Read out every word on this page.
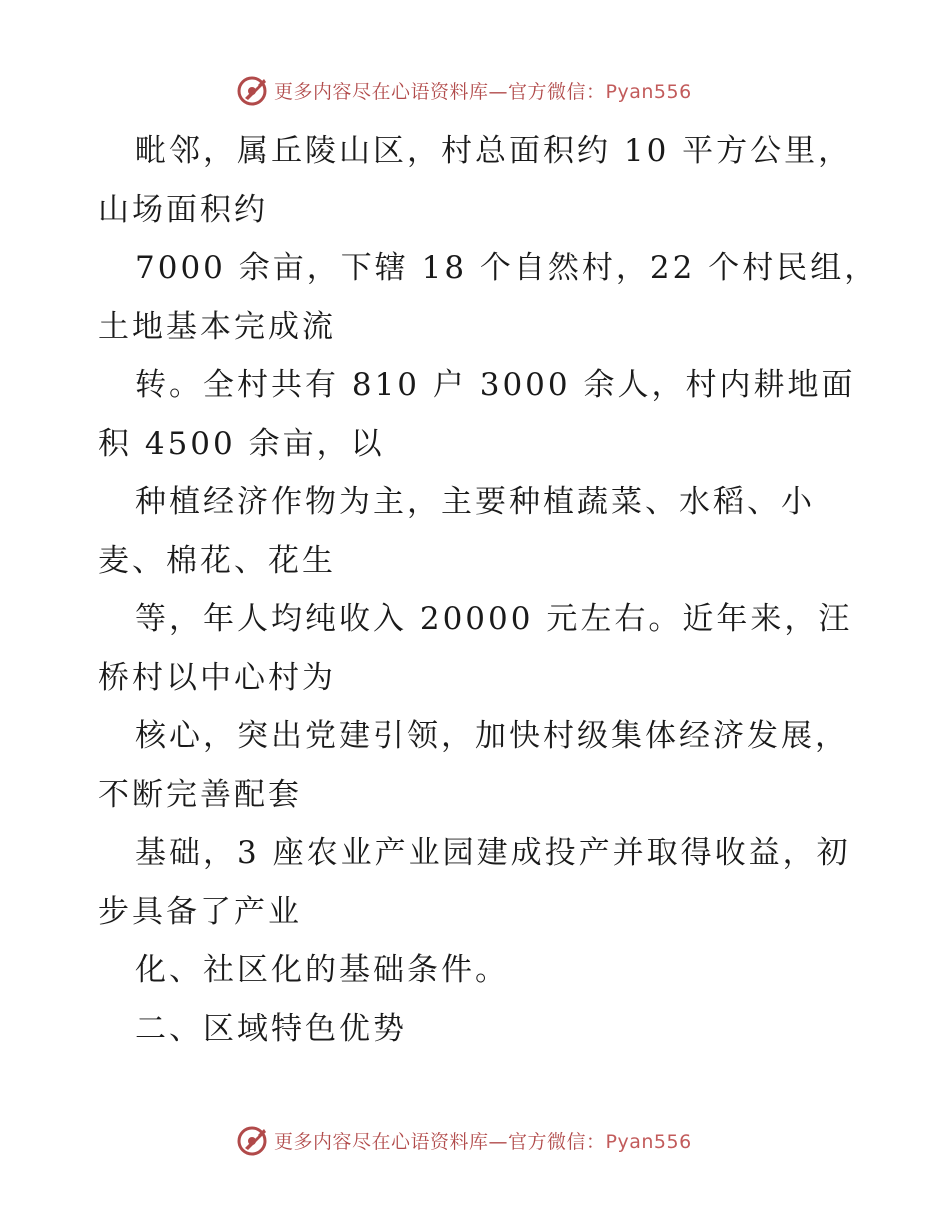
更多内容尽在心语资料库—官方微信：Pyan556
毗邻，属丘陵山区，村总面积约 10 平方公里，
山场面积约
7000 余亩，下辖 18 个自然村，22 个村民组，
土地基本完成流
转。全村共有 810 户 3000 余人，村内耕地面
积 4500 余亩，以
种植经济作物为主，主要种植蔬菜、水稻、小
麦、棉花、花生
等，年人均纯收入 20000 元左右。近年来，汪
桥村以中心村为
核心，突出党建引领，加快村级集体经济发展，
不断完善配套
基础，3 座农业产业园建成投产并取得收益，初
步具备了产业
化、社区化的基础条件。
二、区域特色优势
更多内容尽在心语资料库—官方微信：Pyan556
